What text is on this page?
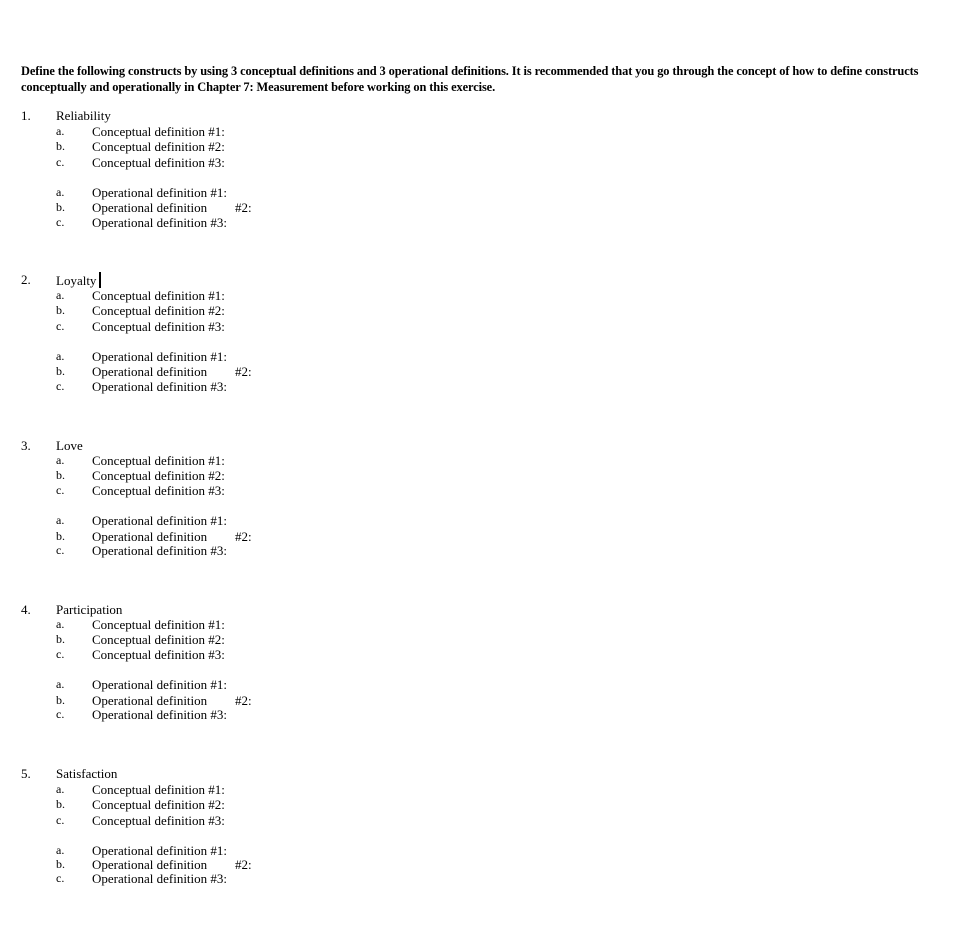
Define the following constructs by using 3 conceptual definitions and 3 operational definitions. It is recommended that you go through the concept of how to define constructs conceptually and operationally in Chapter 7: Measurement before working on this exercise.
1. Reliability
a. Conceptual definition #1:
b. Conceptual definition #2:
c. Conceptual definition #3:
a. Operational definition #1:
b. Operational definition #2:
c. Operational definition #3:
2. Loyalty
a. Conceptual definition #1:
b. Conceptual definition #2:
c. Conceptual definition #3:
a. Operational definition #1:
b. Operational definition #2:
c. Operational definition #3:
3. Love
a. Conceptual definition #1:
b. Conceptual definition #2:
c. Conceptual definition #3:
a. Operational definition #1:
b. Operational definition #2:
c. Operational definition #3:
4. Participation
a. Conceptual definition #1:
b. Conceptual definition #2:
c. Conceptual definition #3:
a. Operational definition #1:
b. Operational definition #2:
c. Operational definition #3:
5. Satisfaction
a. Conceptual definition #1:
b. Conceptual definition #2:
c. Conceptual definition #3:
a. Operational definition #1:
b. Operational definition #2:
c. Operational definition #3:
